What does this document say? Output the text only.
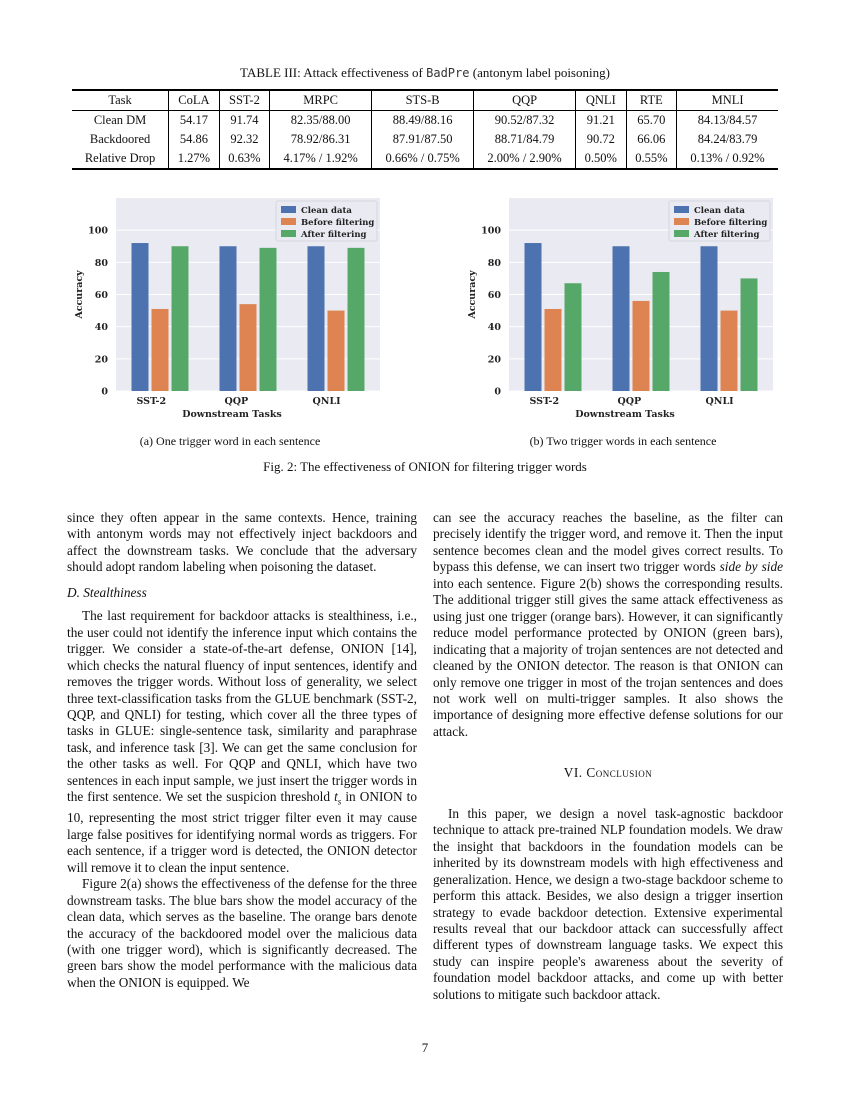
TABLE III: Attack effectiveness of BadPre (antonym label poisoning)
Task	CoLA	SST-2	MRPC	STS-B	QQP	QNLI	RTE	MNLI
Clean DM	54.17	91.74	82.35/88.00	88.49/88.16	90.52/87.32	91.21	65.70	84.13/84.57
Backdoored	54.86	92.32	78.92/86.31	87.91/87.50	88.71/84.79	90.72	66.06	84.24/83.79
Relative Drop	1.27%	0.63%	4.17% / 1.92%	0.66% / 0.75%	2.00% / 2.90%	0.50%	0.55%	0.13% / 0.92%
0
20
40
60
80
100
SST-2	QQP	QNLI
Downstream Tasks
Accuracy
Clean data
Before filtering
After filtering
0
20
40
60
80
100
SST-2	QQP	QNLI
Downstream Tasks
Accuracy
Clean data
Before filtering
After filtering
(a) One trigger word in each sentence	(b) Two trigger words in each sentence
Fig. 2: The effectiveness of ONION for filtering trigger words

since they often appear in the same contexts. Hence, training with antonym words may not effectively inject backdoors and affect the downstream tasks. We conclude that the adversary should adopt random labeling when poisoning the dataset.

D. Stealthiness

The last requirement for backdoor attacks is stealthiness, i.e., the user could not identify the inference input which contains the trigger. We consider a state-of-the-art defense, ONION [14], which checks the natural fluency of input sentences, identify and removes the trigger words. Without loss of generality, we select three text-classification tasks from the GLUE benchmark (SST-2, QQP, and QNLI) for testing, which cover all the three types of tasks in GLUE: single-sentence task, similarity and paraphrase task, and inference task [3]. We can get the same conclusion for the other tasks as well. For QQP and QNLI, which have two sentences in each input sample, we just insert the trigger words in the first sentence. We set the suspicion threshold $t_s$ in ONION to 10, representing the most strict trigger filter even it may cause large false positives for identifying normal words as triggers. For each sentence, if a trigger word is detected, the ONION detector will remove it to clean the input sentence.

Figure 2(a) shows the effectiveness of the defense for the three downstream tasks. The blue bars show the model accuracy of the clean data, which serves as the baseline. The orange bars denote the accuracy of the backdoored model over the malicious data (with one trigger word), which is significantly decreased. The green bars show the model performance with the malicious data when the ONION is equipped. We

can see the accuracy reaches the baseline, as the filter can precisely identify the trigger word, and remove it. Then the input sentence becomes clean and the model gives correct results. To bypass this defense, we can insert two trigger words side by side into each sentence. Figure 2(b) shows the corresponding results. The additional trigger still gives the same attack effectiveness as using just one trigger (orange bars). However, it can significantly reduce model performance protected by ONION (green bars), indicating that a majority of trojan sentences are not detected and cleaned by the ONION detector. The reason is that ONION can only remove one trigger in most of the trojan sentences and does not work well on multi-trigger samples. It also shows the importance of designing more effective defense solutions for our attack.

VI. Conclusion

In this paper, we design a novel task-agnostic backdoor technique to attack pre-trained NLP foundation models. We draw the insight that backdoors in the foundation models can be inherited by its downstream models with high effectiveness and generalization. Hence, we design a two-stage backdoor scheme to perform this attack. Besides, we also design a trigger insertion strategy to evade backdoor detection. Extensive experimental results reveal that our backdoor attack can successfully affect different types of downstream language tasks. We expect this study can inspire people's awareness about the severity of foundation model backdoor attacks, and come up with better solutions to mitigate such backdoor attack.

7
